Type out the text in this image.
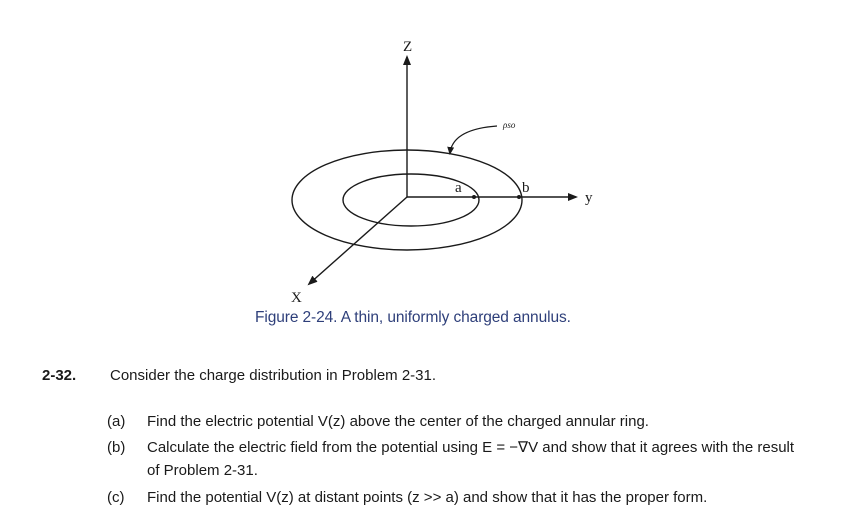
Z
y
X
a	b
ρso
Figure 2-24. A thin, uniformly charged annulus.
2-32. Consider the charge distribution in Problem 2-31.
(a) Find the electric potential V(z) above the center of the charged annular ring.
(b) Calculate the electric field from the potential using E = −∇V and show that it agrees with the result
of Problem 2-31.
(c) Find the potential V(z) at distant points (z >> a) and show that it has the proper form.
